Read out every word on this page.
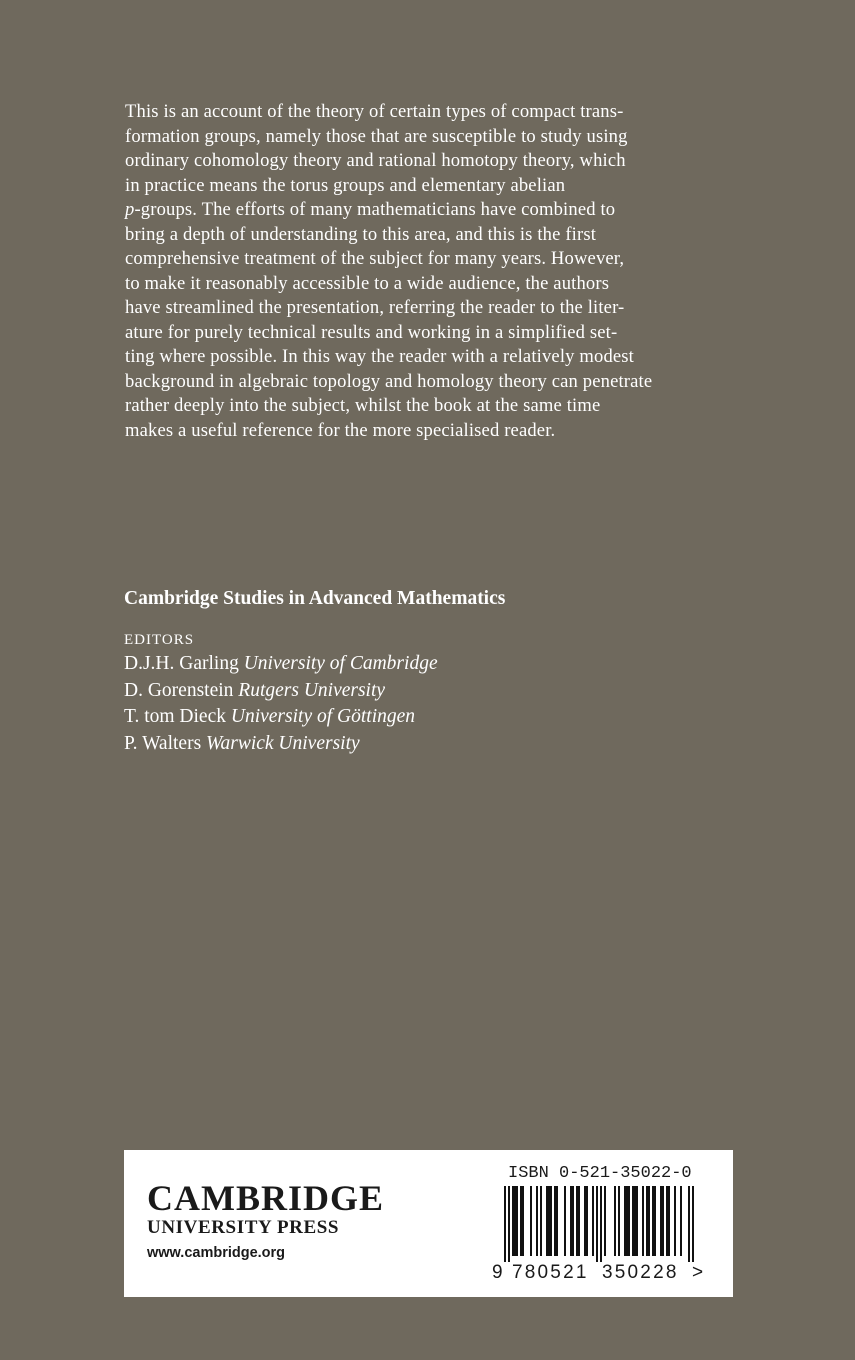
This is an account of the theory of certain types of compact trans-
formation groups, namely those that are susceptible to study using
ordinary cohomology theory and rational homotopy theory, which
in practice means the torus groups and elementary abelian
p-groups. The efforts of many mathematicians have combined to
bring a depth of understanding to this area, and this is the first
comprehensive treatment of the subject for many years. However,
to make it reasonably accessible to a wide audience, the authors
have streamlined the presentation, referring the reader to the liter-
ature for purely technical results and working in a simplified set-
ting where possible. In this way the reader with a relatively modest
background in algebraic topology and homology theory can penetrate
rather deeply into the subject, whilst the book at the same time
makes a useful reference for the more specialised reader.
Cambridge Studies in Advanced Mathematics
EDITORS
D.J.H. Garling University of Cambridge
D. Gorenstein Rutgers University
T. tom Dieck University of Göttingen
P. Walters Warwick University
CAMBRIDGE
UNIVERSITY PRESS
www.cambridge.org
ISBN 0-521-35022-0
9 780521 350228 >
